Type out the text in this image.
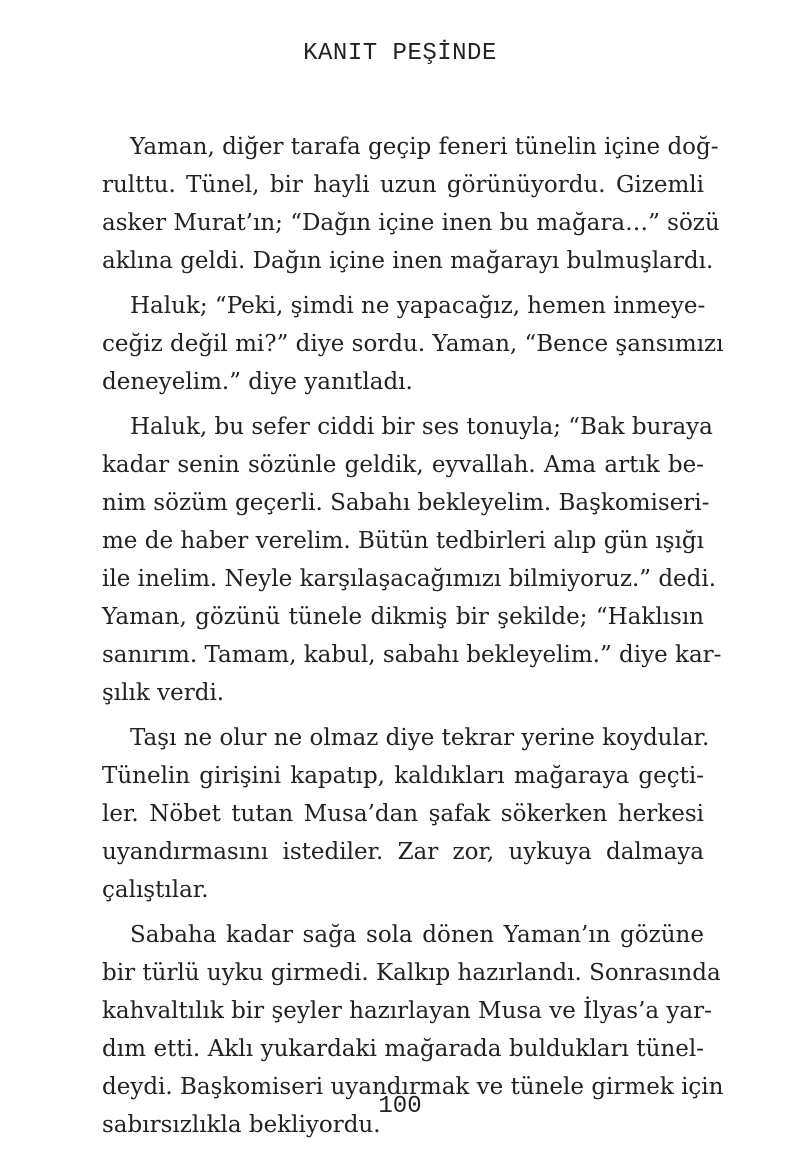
KANIT PEŞİNDE
Yaman, diğer tarafa geçip feneri tünelin içine doğ-
rulttu. Tünel, bir hayli uzun görünüyordu. Gizemli
asker Murat’ın; “Dağın içine inen bu mağara…” sözü
aklına geldi. Dağın içine inen mağarayı bulmuşlardı.
Haluk; “Peki, şimdi ne yapacağız, hemen inmeye-
ceğiz değil mi?” diye sordu. Yaman, “Bence şansımızı
deneyelim.” diye yanıtladı.
Haluk, bu sefer ciddi bir ses tonuyla; “Bak buraya
kadar senin sözünle geldik, eyvallah. Ama artık be-
nim sözüm geçerli. Sabahı bekleyelim. Başkomiseri-
me de haber verelim. Bütün tedbirleri alıp gün ışığı
ile inelim. Neyle karşılaşacağımızı bilmiyoruz.” dedi.
Yaman, gözünü tünele dikmiş bir şekilde; “Haklısın
sanırım. Tamam, kabul, sabahı bekleyelim.” diye kar-
şılık verdi.
Taşı ne olur ne olmaz diye tekrar yerine koydular.
Tünelin girişini kapatıp, kaldıkları mağaraya geçti-
ler. Nöbet tutan Musa’dan şafak sökerken herkesi
uyandırmasını istediler. Zar zor, uykuya dalmaya
çalıştılar.
Sabaha kadar sağa sola dönen Yaman’ın gözüne
bir türlü uyku girmedi. Kalkıp hazırlandı. Sonrasında
kahvaltılık bir şeyler hazırlayan Musa ve İlyas’a yar-
dım etti. Aklı yukardaki mağarada buldukları tünel-
deydi. Başkomiseri uyandırmak ve tünele girmek için
sabırsızlıkla bekliyordu.
100
